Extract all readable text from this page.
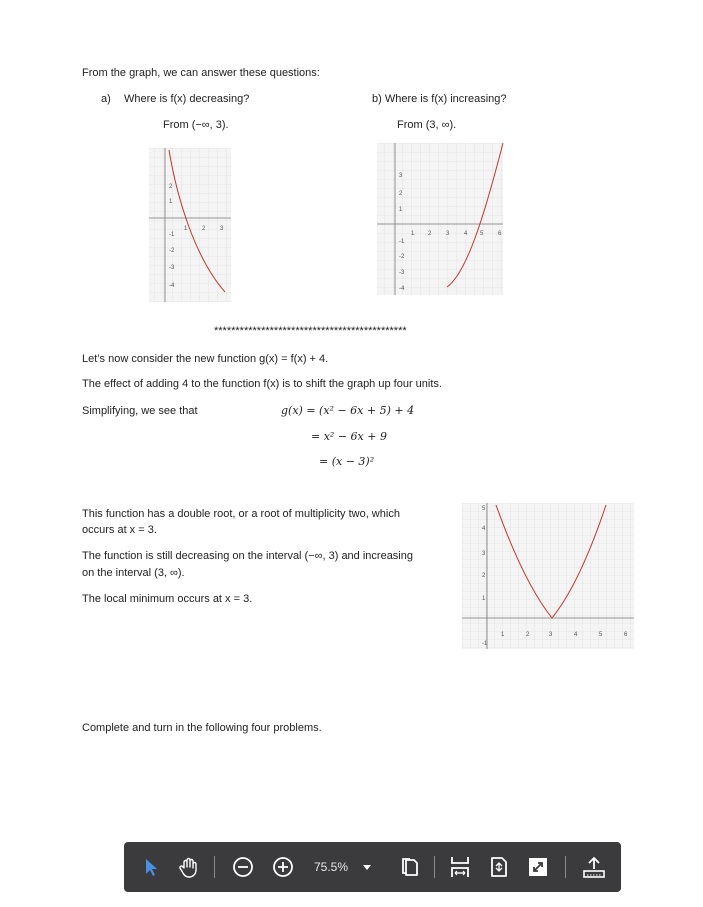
From the graph, we can answer these questions:
a) Where is f(x) decreasing?
From (−∞, 3).
b) Where is f(x) increasing?
From (3, ∞).
1 2 3
2
1
-1
-2
-3
-4
1 2 3 4 5 6
3
2
1
-1
-2
-3
-4
*********************************************
Let’s now consider the new function g(x) = f(x) + 4.
The effect of adding 4 to the function f(x) is to shift the graph up four units.
Simplifying, we see that	g(x) = (x² − 6x + 5) + 4
= x² − 6x + 9
= (x − 3)²
This function has a double root, or a root of multiplicity two, which
occurs at x = 3.
The function is still decreasing on the interval (−∞, 3) and increasing
on the interval (3, ∞).
The local minimum occurs at x = 3.
1	2	3	4	5	6
5
4
3
2
1
-1
Complete and turn in the following four problems.
75.5%
